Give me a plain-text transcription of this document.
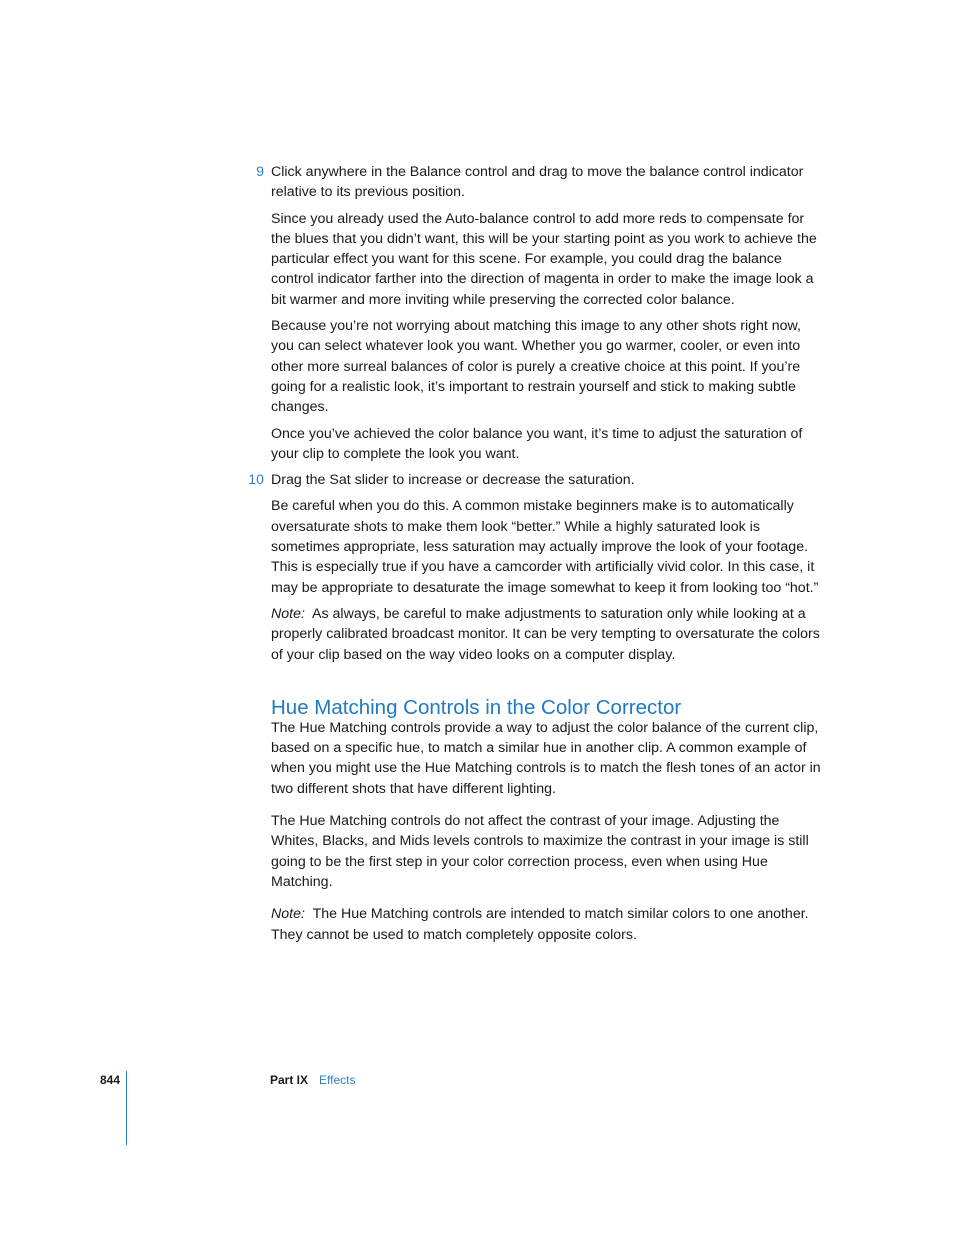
9 Click anywhere in the Balance control and drag to move the balance control indicator relative to its previous position.

Since you already used the Auto-balance control to add more reds to compensate for the blues that you didn’t want, this will be your starting point as you work to achieve the particular effect you want for this scene. For example, you could drag the balance control indicator farther into the direction of magenta in order to make the image look a bit warmer and more inviting while preserving the corrected color balance.

Because you’re not worrying about matching this image to any other shots right now, you can select whatever look you want. Whether you go warmer, cooler, or even into other more surreal balances of color is purely a creative choice at this point. If you’re going for a realistic look, it’s important to restrain yourself and stick to making subtle changes.

Once you’ve achieved the color balance you want, it’s time to adjust the saturation of your clip to complete the look you want.

10 Drag the Sat slider to increase or decrease the saturation.

Be careful when you do this. A common mistake beginners make is to automatically oversaturate shots to make them look “better.” While a highly saturated look is sometimes appropriate, less saturation may actually improve the look of your footage. This is especially true if you have a camcorder with artificially vivid color. In this case, it may be appropriate to desaturate the image somewhat to keep it from looking too “hot.”

Note: As always, be careful to make adjustments to saturation only while looking at a properly calibrated broadcast monitor. It can be very tempting to oversaturate the colors of your clip based on the way video looks on a computer display.

Hue Matching Controls in the Color Corrector

The Hue Matching controls provide a way to adjust the color balance of the current clip, based on a specific hue, to match a similar hue in another clip. A common example of when you might use the Hue Matching controls is to match the flesh tones of an actor in two different shots that have different lighting.

The Hue Matching controls do not affect the contrast of your image. Adjusting the Whites, Blacks, and Mids levels controls to maximize the contrast in your image is still going to be the first step in your color correction process, even when using Hue Matching.

Note: The Hue Matching controls are intended to match similar colors to one another. They cannot be used to match completely opposite colors.

844	Part IX Effects
